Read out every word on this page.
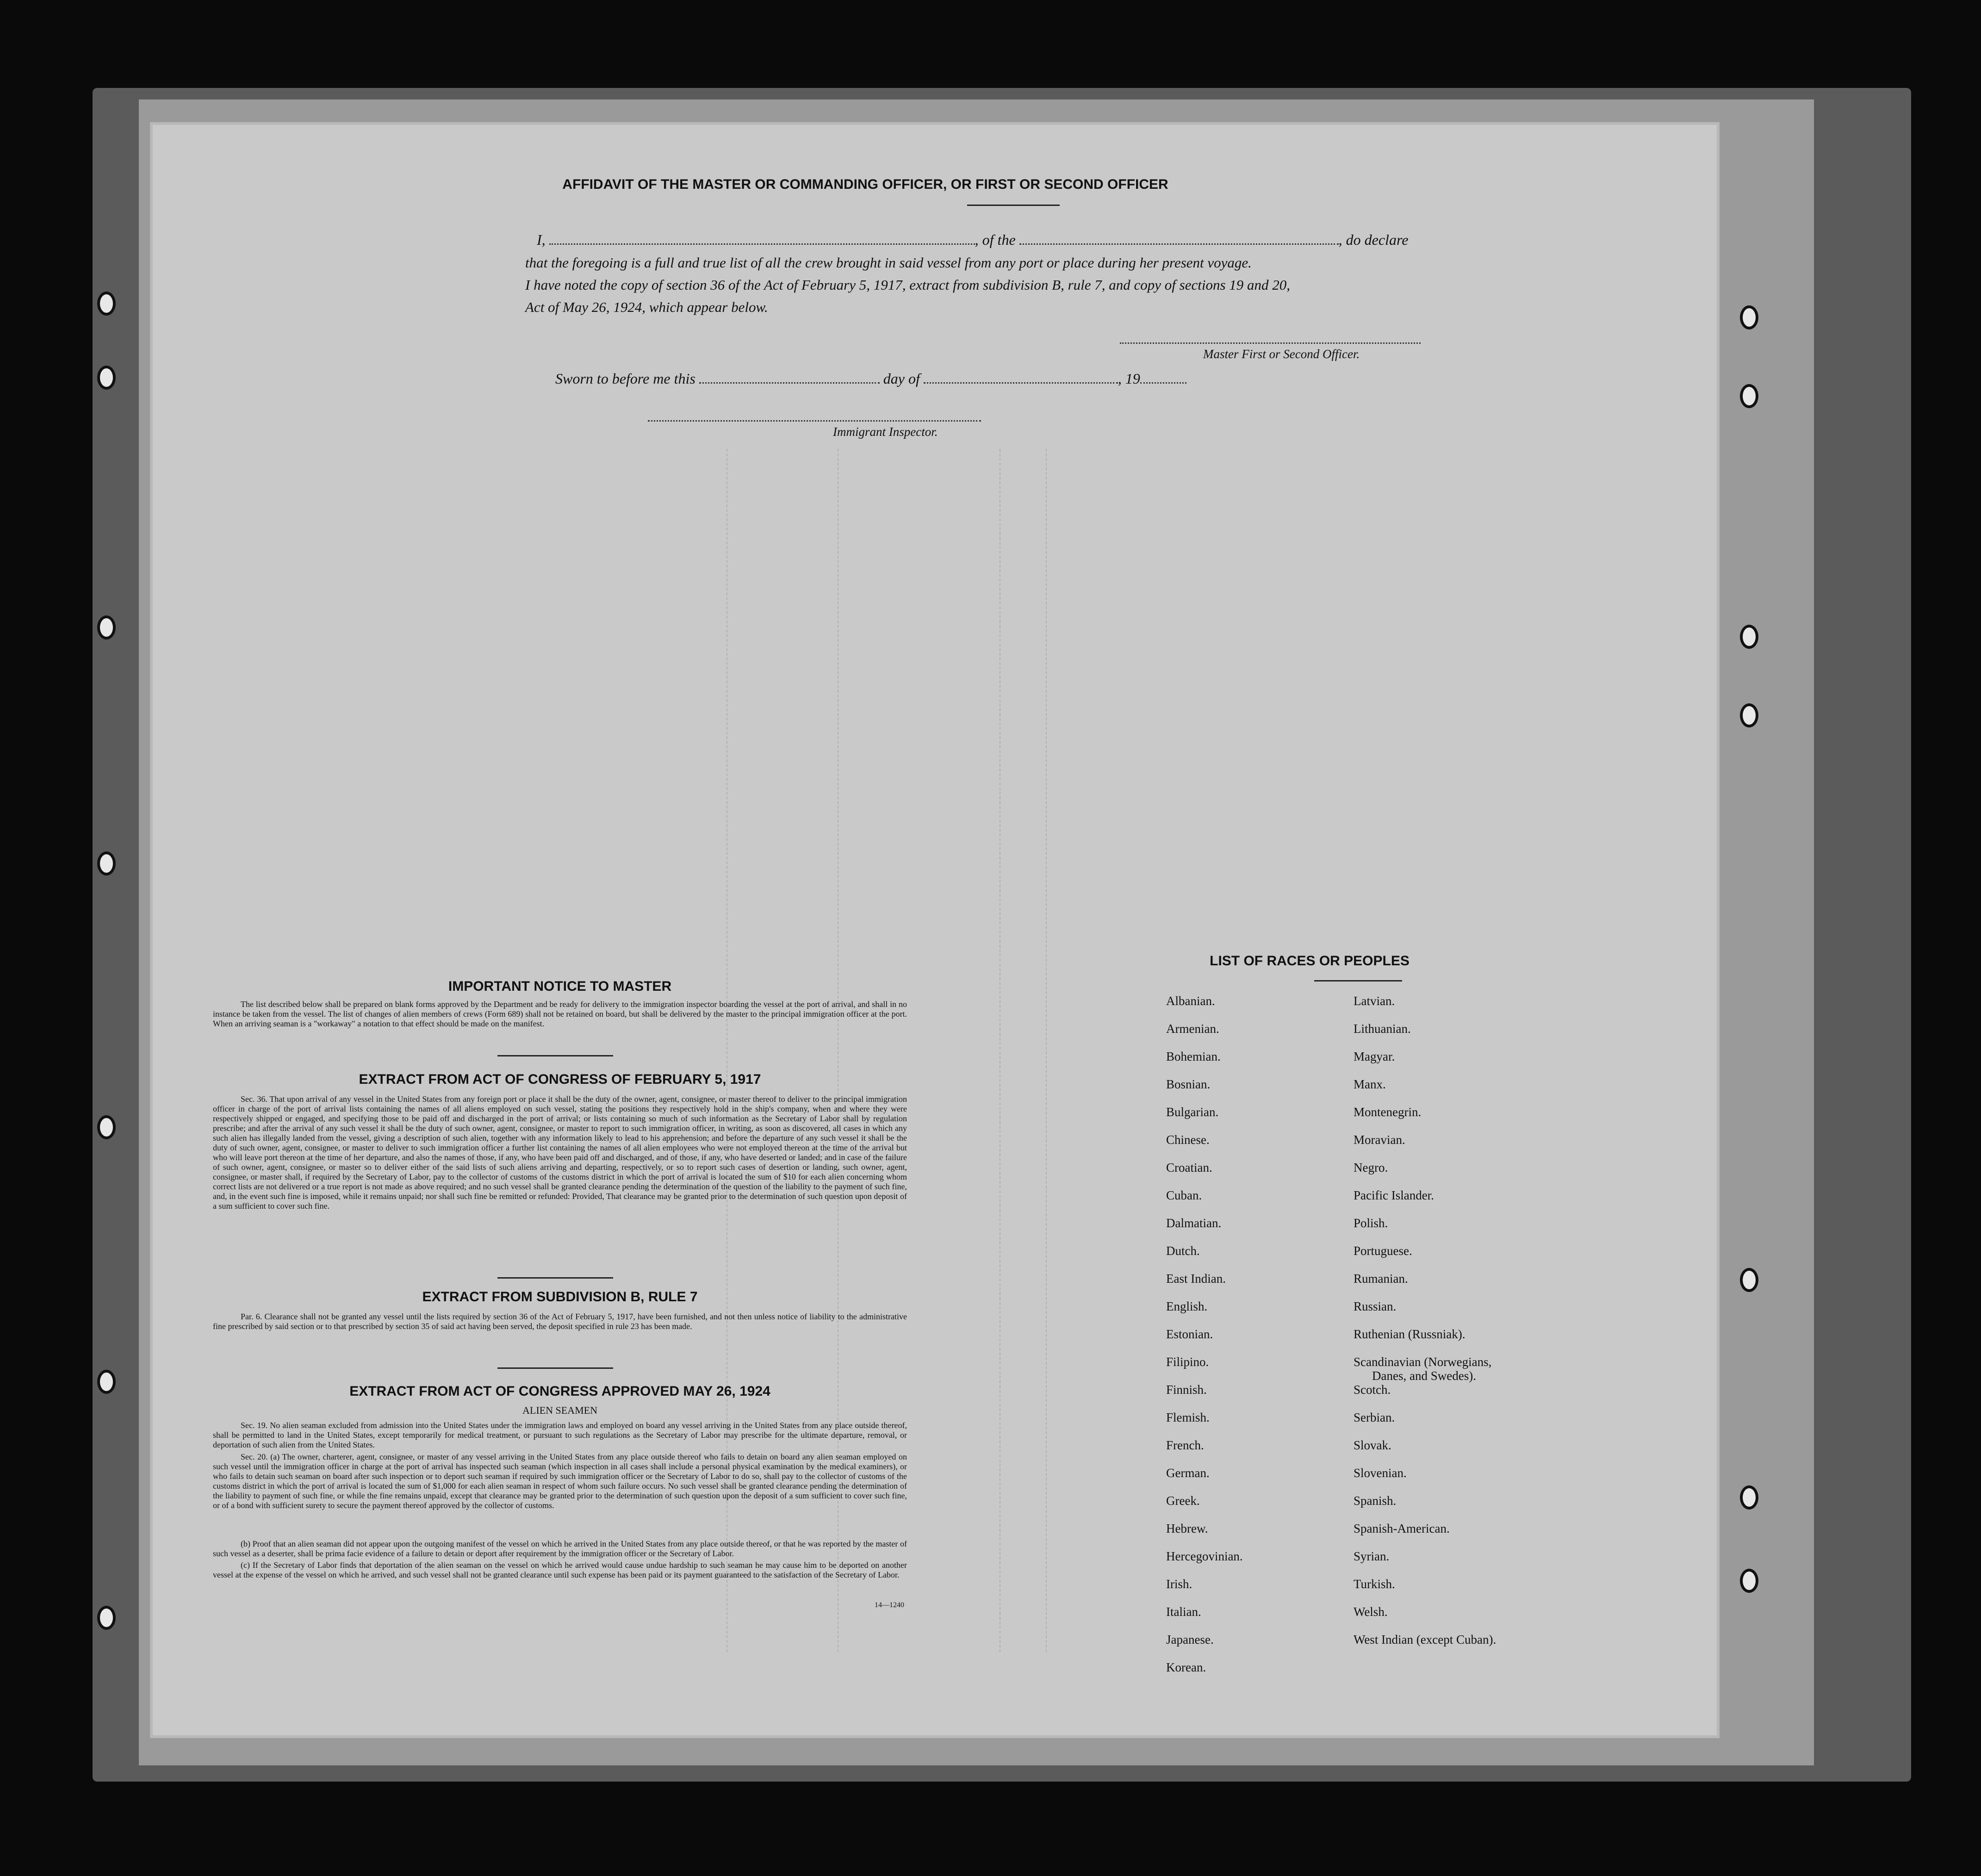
AFFIDAVIT OF THE MASTER OR COMMANDING OFFICER, OR FIRST OR SECOND OFFICER
I,	, of the	, do declare
that the foregoing is a full and true list of all the crew brought in said vessel from any port or place during her present voyage.
I have noted the copy of section 36 of the Act of February 5, 1917, extract from subdivision B, rule 7, and copy of sections 19 and 20,
Act of May 26, 1924, which appear below.
Master First or Second Officer.
Sworn to before me this	day of	, 19
Immigrant Inspector.
IMPORTANT NOTICE TO MASTER
The list described below shall be prepared on blank forms approved by the Department and be ready for delivery to the immigration inspector boarding the vessel at the port of arrival, and shall in no instance be taken from the vessel. The list of changes of alien members of crews (Form 689) shall not be retained on board, but shall be delivered by the master to the principal immigration officer at the port. When an arriving seaman is a "workaway" a notation to that effect should be made on the manifest.
EXTRACT FROM ACT OF CONGRESS OF FEBRUARY 5, 1917
Sec. 36. That upon arrival of any vessel in the United States from any foreign port or place it shall be the duty of the owner, agent, consignee, or master thereof to deliver to the principal immigration officer in charge of the port of arrival lists containing the names of all aliens employed on such vessel, stating the positions they respectively hold in the ship's company, when and where they were respectively shipped or engaged, and specifying those to be paid off and discharged in the port of arrival; or lists containing so much of such information as the Secretary of Labor shall by regulation prescribe; and after the arrival of any such vessel it shall be the duty of such owner, agent, consignee, or master to report to such immigration officer, in writing, as soon as discovered, all cases in which any such alien has illegally landed from the vessel, giving a description of such alien, together with any information likely to lead to his apprehension; and before the departure of any such vessel it shall be the duty of such owner, agent, consignee, or master to deliver to such immigration officer a further list containing the names of all alien employees who were not employed thereon at the time of the arrival but who will leave port thereon at the time of her departure, and also the names of those, if any, who have been paid off and discharged, and of those, if any, who have deserted or landed; and in case of the failure of such owner, agent, consignee, or master so to deliver either of the said lists of such aliens arriving and departing, respectively, or so to report such cases of desertion or landing, such owner, agent, consignee, or master shall, if required by the Secretary of Labor, pay to the collector of customs of the customs district in which the port of arrival is located the sum of $10 for each alien concerning whom correct lists are not delivered or a true report is not made as above required; and no such vessel shall be granted clearance pending the determination of the question of the liability to the payment of such fine, and, in the event such fine is imposed, while it remains unpaid; nor shall such fine be remitted or refunded: Provided, That clearance may be granted prior to the determination of such question upon deposit of a sum sufficient to cover such fine.
EXTRACT FROM SUBDIVISION B, RULE 7
Par. 6. Clearance shall not be granted any vessel until the lists required by section 36 of the Act of February 5, 1917, have been furnished, and not then unless notice of liability to the administrative fine prescribed by said section or to that prescribed by section 35 of said act having been served, the deposit specified in rule 23 has been made.
EXTRACT FROM ACT OF CONGRESS APPROVED MAY 26, 1924
ALIEN SEAMEN
Sec. 19. No alien seaman excluded from admission into the United States under the immigration laws and employed on board any vessel arriving in the United States from any place outside thereof, shall be permitted to land in the United States, except temporarily for medical treatment, or pursuant to such regulations as the Secretary of Labor may prescribe for the ultimate departure, removal, or deportation of such alien from the United States.
Sec. 20. (a) The owner, charterer, agent, consignee, or master of any vessel arriving in the United States from any place outside thereof who fails to detain on board any alien seaman employed on such vessel until the immigration officer in charge at the port of arrival has inspected such seaman (which inspection in all cases shall include a personal physical examination by the medical examiners), or who fails to detain such seaman on board after such inspection or to deport such seaman if required by such immigration officer or the Secretary of Labor to do so, shall pay to the collector of customs of the customs district in which the port of arrival is located the sum of $1,000 for each alien seaman in respect of whom such failure occurs. No such vessel shall be granted clearance pending the determination of the liability to payment of such fine, or while the fine remains unpaid, except that clearance may be granted prior to the determination of such question upon the deposit of a sum sufficient to cover such fine, or of a bond with sufficient surety to secure the payment thereof approved by the collector of customs.
(b) Proof that an alien seaman did not appear upon the outgoing manifest of the vessel on which he arrived in the United States from any place outside thereof, or that he was reported by the master of such vessel as a deserter, shall be prima facie evidence of a failure to detain or deport after requirement by the immigration officer or the Secretary of Labor.
(c) If the Secretary of Labor finds that deportation of the alien seaman on the vessel on which he arrived would cause undue hardship to such seaman he may cause him to be deported on another vessel at the expense of the vessel on which he arrived, and such vessel shall not be granted clearance until such expense has been paid or its payment guaranteed to the satisfaction of the Secretary of Labor.
14—1240
LIST OF RACES OR PEOPLES
Albanian.
Armenian.
Bohemian.
Bosnian.
Bulgarian.
Chinese.
Croatian.
Cuban.
Dalmatian.
Dutch.
East Indian.
English.
Estonian.
Filipino.
Finnish.
Flemish.
French.
German.
Greek.
Hebrew.
Hercegovinian.
Irish.
Italian.
Japanese.
Korean.
Latvian.
Lithuanian.
Magyar.
Manx.
Montenegrin.
Moravian.
Negro.
Pacific Islander.
Polish.
Portuguese.
Rumanian.
Russian.
Ruthenian (Russniak).
Scandinavian (Norwegians,
Danes, and Swedes).
Scotch.
Serbian.
Slovak.
Slovenian.
Spanish.
Spanish-American.
Syrian.
Turkish.
Welsh.
West Indian (except Cuban).
